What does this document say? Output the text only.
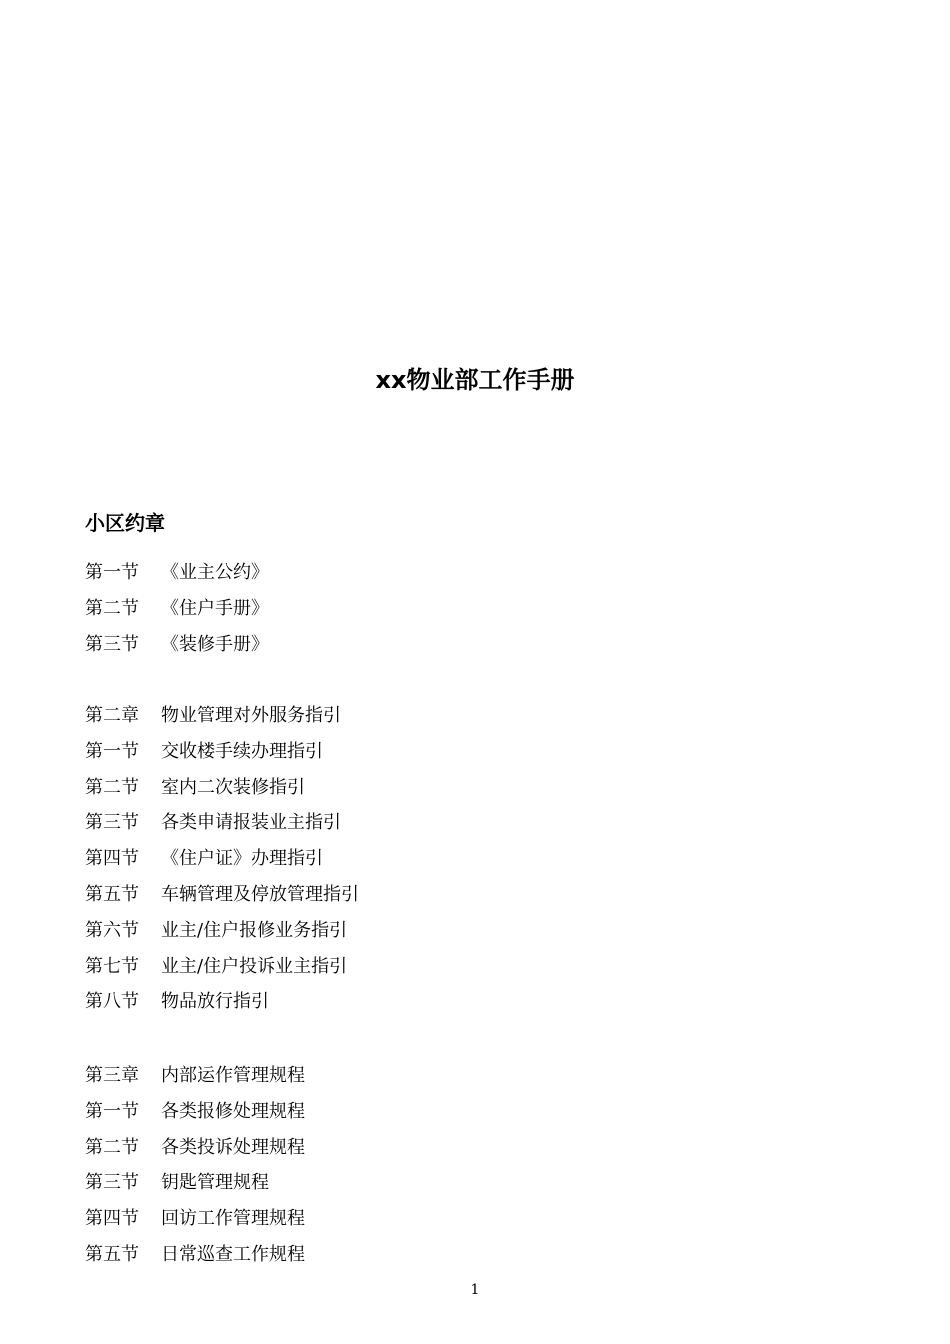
xx物业部工作手册
小区约章
第一节 《业主公约》
第二节 《住户手册》
第三节 《装修手册》
第二章 物业管理对外服务指引
第一节 交收楼手续办理指引
第二节 室内二次装修指引
第三节 各类申请报装业主指引
第四节 《住户证》办理指引
第五节 车辆管理及停放管理指引
第六节 业主/住户报修业务指引
第七节 业主/住户投诉业主指引
第八节 物品放行指引
第三章 内部运作管理规程
第一节 各类报修处理规程
第二节 各类投诉处理规程
第三节 钥匙管理规程
第四节 回访工作管理规程
第五节 日常巡查工作规程
1
